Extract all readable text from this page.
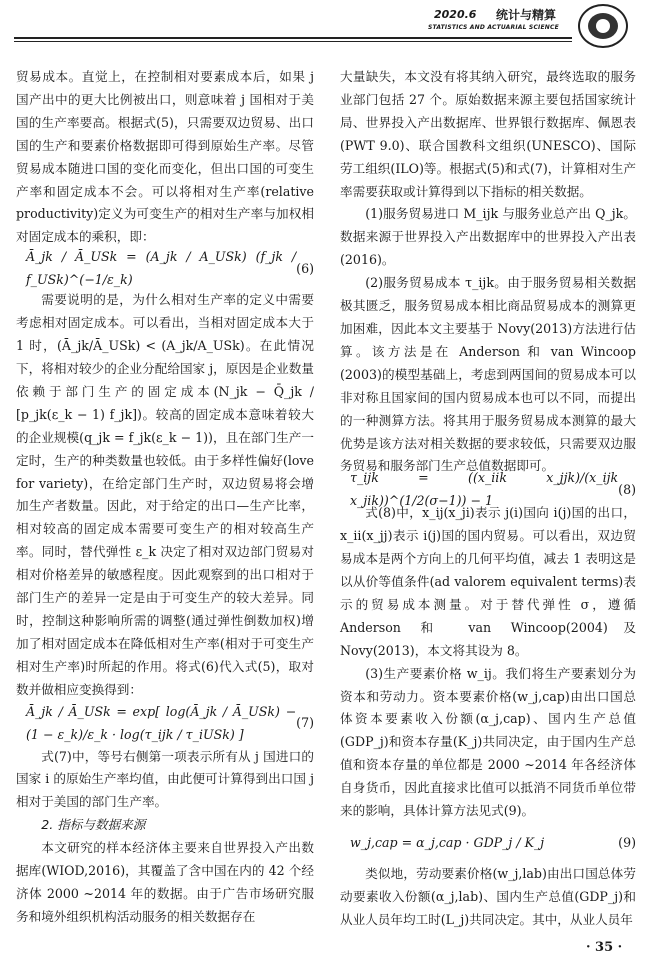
2020.6 统计与精算
STATISTICS AND ACTUARIAL SCIENCE

贸易成本。直觉上，在控制相对要素成本后，如果 j 国产出中的更大比例被出口，则意味着 j 国相对于美国的生产率要高。根据式(5)，只需要双边贸易、出口国的生产和要素价格数据即可得到原始生产率。尽管贸易成本随进口国的变化而变化，但出口国的可变生产率和固定成本不会。可以将相对生产率(relative productivity)定义为可变生产的相对生产率与加权相对固定成本的乘积，即：

Ā_jk / Ā_USk = (A_jk / A_USk) (f_jk / f_USk)^(−1/ε_k)
(6)

需要说明的是，为什么相对生产率的定义中需要考虑相对固定成本。可以看出，当相对固定成本大于 1 时，(Ā_jk/Ā_USk) < (A_jk/A_USk)。在此情况下，将相对较少的企业分配给国家 j，原因是企业数量依赖于部门生产的固定成本(N_jk − Q̄_jk / [p_jk(ε_k − 1) f_jk])。较高的固定成本意味着较大的企业规模(q_jk = f_jk(ε_k − 1))，且在部门生产一定时，生产的种类数量也较低。由于多样性偏好(love for variety)，在给定部门生产时，双边贸易将会增加生产者数量。因此，对于给定的出口—生产比率，相对较高的固定成本需要可变生产的相对较高生产率。同时，替代弹性 ε_k 决定了相对双边部门贸易对相对价格差异的敏感程度。因此观察到的出口相对于部门生产的差异一定是由于可变生产的较大差异。同时，控制这种影响所需的调整(通过弹性倒数加权)增加了相对固定成本在降低相对生产率(相对于可变生产相对生产率)时所起的作用。将式(6)代入式(5)，取对数并做相应变换得到：

Ā_jk / Ā_USk = exp[ log(Ā_jk / Ā_USk) − (1 − ε_k)/ε_k · log(τ_ijk / τ_iUSk) ]
(7)

式(7)中，等号右侧第一项表示所有从 j 国进口的国家 i 的原始生产率均值，由此便可计算得到出口国 j 相对于美国的部门生产率。

2. 指标与数据来源

本文研究的样本经济体主要来自世界投入产出数据库(WIOD,2016)，其覆盖了含中国在内的 42 个经济体 2000 ~2014 年的数据。由于广告市场研究服务和境外组织机构活动服务的相关数据存在

大量缺失，本文没有将其纳入研究，最终选取的服务业部门包括 27 个。原始数据来源主要包括国家统计局、世界投入产出数据库、世界银行数据库、佩恩表(PWT 9.0)、联合国教科文组织(UNESCO)、国际劳工组织(ILO)等。根据式(5)和式(7)，计算相对生产率需要获取或计算得到以下指标的相关数据。

(1)服务贸易进口 M_ijk 与服务业总产出 Q_jk。数据来源于世界投入产出数据库中的世界投入产出表(2016)。

(2)服务贸易成本 τ_ijk。由于服务贸易相关数据极其匮乏，服务贸易成本相比商品贸易成本的测算更加困难，因此本文主要基于 Novy(2013)方法进行估算。该方法是在 Anderson 和 van Wincoop (2003)的模型基础上，考虑到两国间的贸易成本可以非对称且国家间的国内贸易成本也可以不同，而提出的一种测算方法。将其用于服务贸易成本测算的最大优势是该方法对相关数据的要求较低，只需要双边服务贸易和服务部门生产总值数据即可。

τ_ijk = ((x_iik x_jjk)/(x_ijk x_jik))^(1/2(σ−1)) − 1
(8)

式(8)中，x_ij(x_ji)表示 j(i)国向 i(j)国的出口，x_ii(x_jj)表示 i(j)国的国内贸易。可以看出，双边贸易成本是两个方向上的几何平均值，减去 1 表明这是以从价等值条件(ad valorem equivalent terms)表示的贸易成本测量。对于替代弹性 σ，遵循 Anderson 和 van Wincoop(2004)及 Novy(2013)，本文将其设为 8。

(3)生产要素价格 w_ij。我们将生产要素划分为资本和劳动力。资本要素价格(w_j,cap)由出口国总体资本要素收入份额(α_j,cap)、国内生产总值(GDP_j)和资本存量(K_j)共同决定，由于国内生产总值和资本存量的单位都是 2000 ~2014 年各经济体自身货币，因此直接求比值可以抵消不同货币单位带来的影响，具体计算方法见式(9)。

w_j,cap = α_j,cap · GDP_j / K_j	(9)

类似地，劳动要素价格(w_j,lab)由出口国总体劳动要素收入份额(α_j,lab)、国内生产总值(GDP_j)和从业人员年均工时(L_j)共同决定。其中，从业人员年

· 35 ·
